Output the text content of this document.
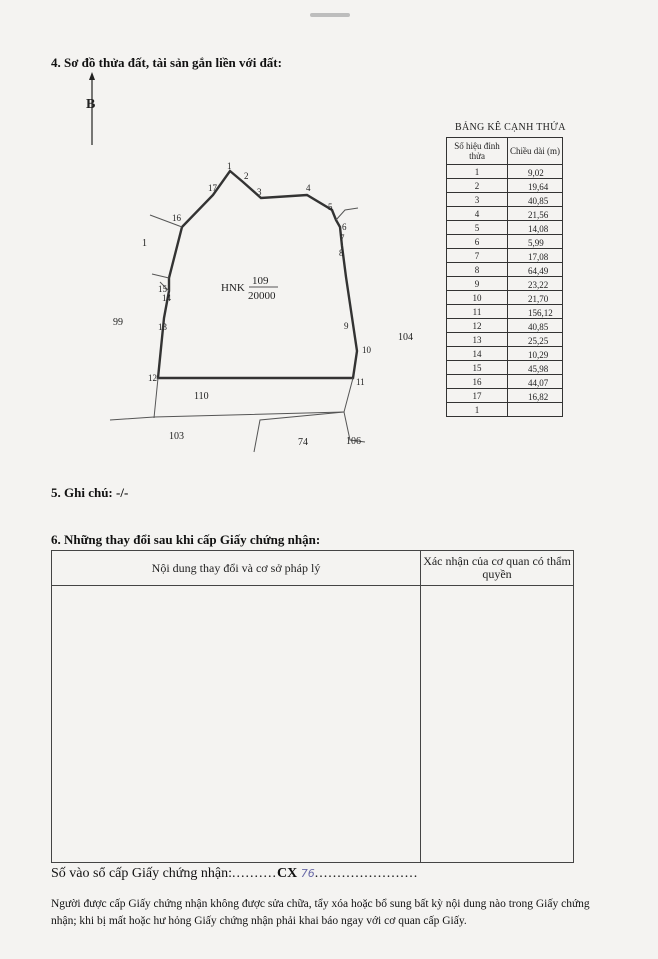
4. Sơ đồ thửa đất, tài sản gắn liền với đất:
B
1
2
3	4
5
6
7
8
9
10
11
12
13
14
15
16
17
HNK
109
20000
1
99
104
110
103
74	106
BẢNG KÊ CẠNH THỬA
Số hiệu đỉnh thửa	Chiều dài (m)
1	9,02
2	19,64
3	40,85
4	21,56
5	14,08
6	5,99
7	17,08
8	64,49
9	23,22
10	21,70
11	156,12
12	40,85
13	25,25
14	10,29
15	45,98
16	44,07
17	16,82
1	
5. Ghi chú: -/-
6. Những thay đổi sau khi cấp Giấy chứng nhận:
Nội dung thay đổi và cơ sở pháp lý	Xác nhận của cơ quan có thẩm quyền

Số vào sổ cấp Giấy chứng nhận:..........CX 76.......................
Người được cấp Giấy chứng nhận không được sửa chữa, tẩy xóa hoặc bổ sung bất kỳ nội dung nào trong Giấy chứng nhận; khi bị mất hoặc hư hỏng Giấy chứng nhận phải khai báo ngay với cơ quan cấp Giấy.
